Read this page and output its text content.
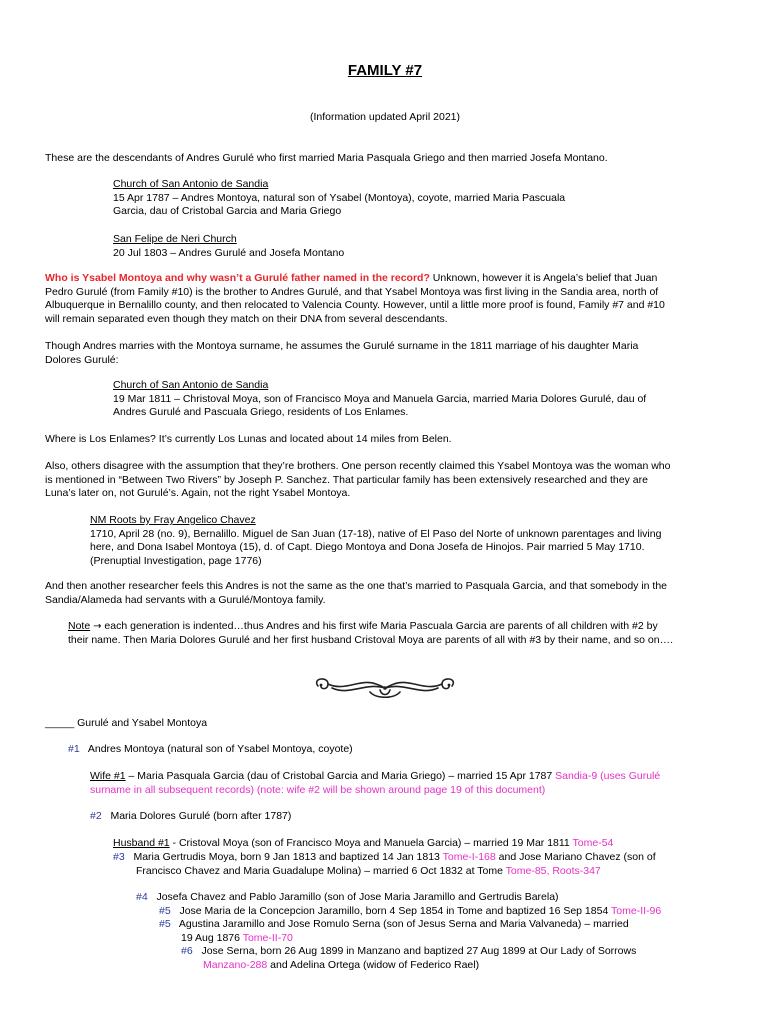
FAMILY #7
(Information updated April 2021)
These are the descendants of Andres Gurulé who first married Maria Pasquala Griego and then married Josefa Montano.
Church of San Antonio de Sandia
15 Apr 1787 – Andres Montoya, natural son of Ysabel (Montoya), coyote, married Maria Pascuala
Garcia, dau of Cristobal Garcia and Maria Griego
San Felipe de Neri Church
20 Jul 1803 – Andres Gurulé and Josefa Montano
Who is Ysabel Montoya and why wasn’t a Gurulé father named in the record? Unknown, however it is Angela’s belief that Juan
Pedro Gurulé (from Family #10) is the brother to Andres Gurulé, and that Ysabel Montoya was first living in the Sandia area, north of
Albuquerque in Bernalillo county, and then relocated to Valencia County. However, until a little more proof is found, Family #7 and #10
will remain separated even though they match on their DNA from several descendants.
Though Andres marries with the Montoya surname, he assumes the Gurulé surname in the 1811 marriage of his daughter Maria
Dolores Gurulé:
Church of San Antonio de Sandia
19 Mar 1811 – Christoval Moya, son of Francisco Moya and Manuela Garcia, married Maria Dolores Gurulé, dau of
Andres Gurulé and Pascuala Griego, residents of Los Enlames.
Where is Los Enlames? It’s currently Los Lunas and located about 14 miles from Belen.
Also, others disagree with the assumption that they’re brothers. One person recently claimed this Ysabel Montoya was the woman who
is mentioned in “Between Two Rivers” by Joseph P. Sanchez. That particular family has been extensively researched and they are
Luna’s later on, not Gurulé’s. Again, not the right Ysabel Montoya.
NM Roots by Fray Angelico Chavez
1710, April 28 (no. 9), Bernalillo. Miguel de San Juan (17-18), native of El Paso del Norte of unknown parentages and living
here, and Dona Isabel Montoya (15), d. of Capt. Diego Montoya and Dona Josefa de Hinojos. Pair married 5 May 1710.
(Prenuptial Investigation, page 1776)
And then another researcher feels this Andres is not the same as the one that’s married to Pasquala Garcia, and that somebody in the
Sandia/Alameda had servants with a Gurulé/Montoya family.
Note → each generation is indented…thus Andres and his first wife Maria Pascuala Garcia are parents of all children with #2 by
their name. Then Maria Dolores Gurulé and her first husband Cristoval Moya are parents of all with #3 by their name, and so on….
_____ Gurulé and Ysabel Montoya
#1 Andres Montoya (natural son of Ysabel Montoya, coyote)
Wife #1 – Maria Pasquala Garcia (dau of Cristobal Garcia and Maria Griego) – married 15 Apr 1787 Sandia-9 (uses Gurulé
surname in all subsequent records) (note: wife #2 will be shown around page 19 of this document)
#2 Maria Dolores Gurulé (born after 1787)
Husband #1 - Cristoval Moya (son of Francisco Moya and Manuela Garcia) – married 19 Mar 1811 Tome-54
#3 Maria Gertrudis Moya, born 9 Jan 1813 and baptized 14 Jan 1813 Tome-I-168 and Jose Mariano Chavez (son of
Francisco Chavez and Maria Guadalupe Molina) – married 6 Oct 1832 at Tome Tome-85, Roots-347
#4 Josefa Chavez and Pablo Jaramillo (son of Jose Maria Jaramillo and Gertrudis Barela)
#5 Jose Maria de la Concepcion Jaramillo, born 4 Sep 1854 in Tome and baptized 16 Sep 1854 Tome-II-96
#5 Agustina Jaramillo and Jose Romulo Serna (son of Jesus Serna and Maria Valvaneda) – married
19 Aug 1876 Tome-II-70
#6 Jose Serna, born 26 Aug 1899 in Manzano and baptized 27 Aug 1899 at Our Lady of Sorrows
Manzano-288 and Adelina Ortega (widow of Federico Rael)
